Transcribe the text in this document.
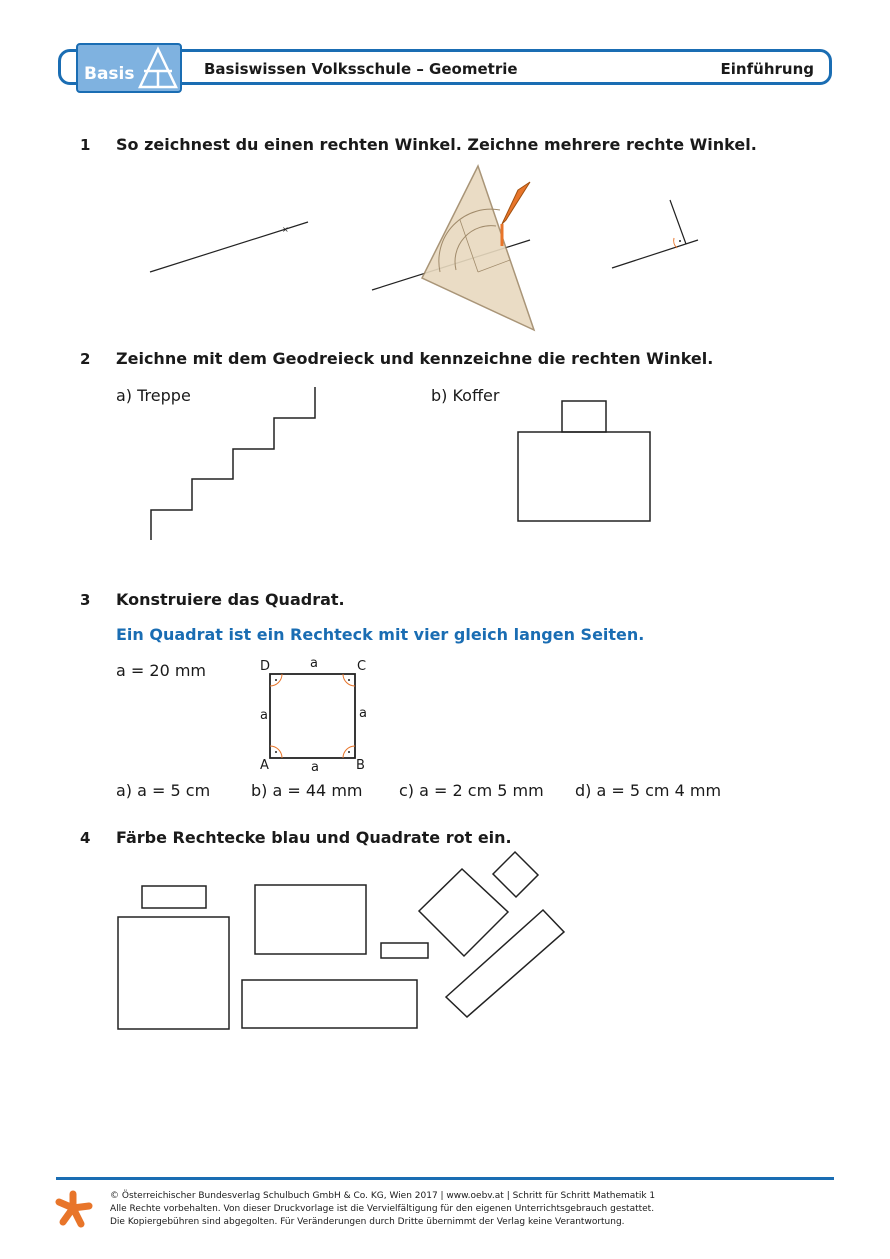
Basis	Basiswissen Volksschule – Geometrie	Einführung
1 So zeichnest du einen rechten Winkel. Zeichne mehrere rechte Winkel.
×
2 Zeichne mit dem Geodreieck und kennzeichne die rechten Winkel.
a) Treppe	b) Koffer
3 Konstruiere das Quadrat.
Ein Quadrat ist ein Rechteck mit vier gleich langen Seiten.
a = 20 mm	D	C
A	B
a
a	a
a
a) a = 5 cm	b) a = 44 mm c) a = 2 cm 5 mm d) a = 5 cm 4 mm
4 Färbe Rechtecke blau und Quadrate rot ein.
© Österreichischer Bundesverlag Schulbuch GmbH & Co. KG, Wien 2017 | www.oebv.at | Schritt für Schritt Mathematik 1
Alle Rechte vorbehalten. Von dieser Druckvorlage ist die Vervielfältigung für den eigenen Unterrichtsgebrauch gestattet.
Die Kopiergebühren sind abgegolten. Für Veränderungen durch Dritte übernimmt der Verlag keine Verantwortung.
